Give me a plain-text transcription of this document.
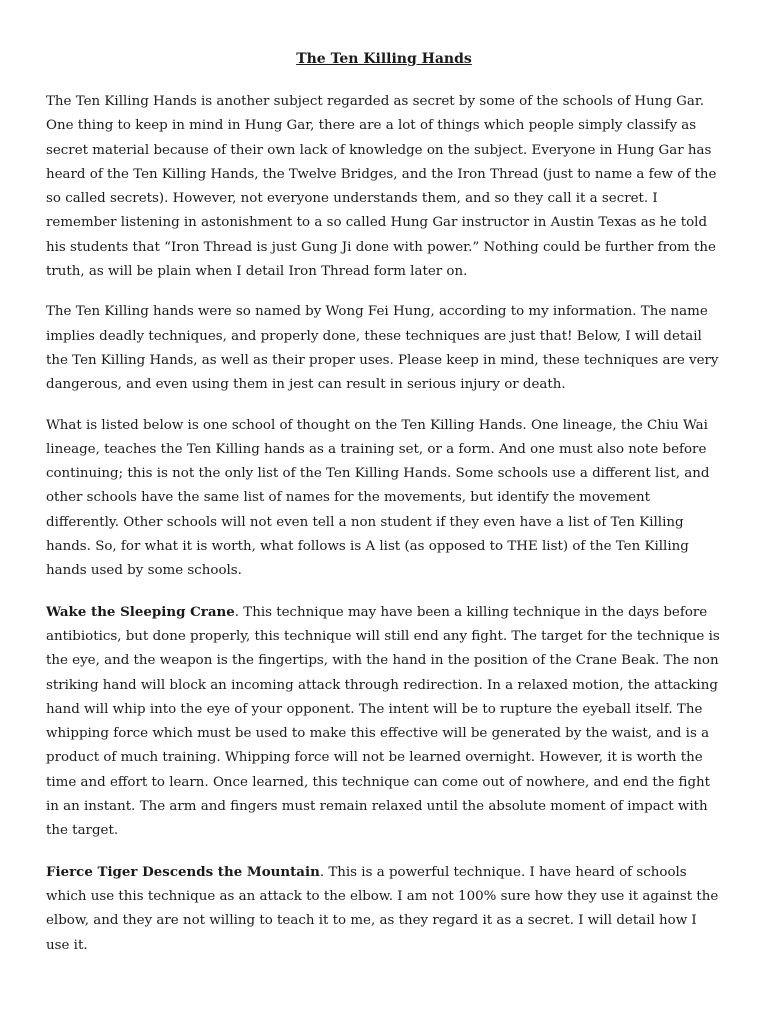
The Ten Killing Hands

The Ten Killing Hands is another subject regarded as secret by some of the schools of Hung Gar. One thing to keep in mind in Hung Gar, there are a lot of things which people simply classify as secret material because of their own lack of knowledge on the subject. Everyone in Hung Gar has heard of the Ten Killing Hands, the Twelve Bridges, and the Iron Thread (just to name a few of the so called secrets). However, not everyone understands them, and so they call it a secret. I remember listening in astonishment to a so called Hung Gar instructor in Austin Texas as he told his students that “Iron Thread is just Gung Ji done with power.” Nothing could be further from the truth, as will be plain when I detail Iron Thread form later on.

The Ten Killing hands were so named by Wong Fei Hung, according to my information. The name implies deadly techniques, and properly done, these techniques are just that! Below, I will detail the Ten Killing Hands, as well as their proper uses. Please keep in mind, these techniques are very dangerous, and even using them in jest can result in serious injury or death.

What is listed below is one school of thought on the Ten Killing Hands. One lineage, the Chiu Wai lineage, teaches the Ten Killing hands as a training set, or a form. And one must also note before continuing; this is not the only list of the Ten Killing Hands. Some schools use a different list, and other schools have the same list of names for the movements, but identify the movement differently. Other schools will not even tell a non student if they even have a list of Ten Killing hands. So, for what it is worth, what follows is A list (as opposed to THE list) of the Ten Killing hands used by some schools.

Wake the Sleeping Crane. This technique may have been a killing technique in the days before antibiotics, but done properly, this technique will still end any fight. The target for the technique is the eye, and the weapon is the fingertips, with the hand in the position of the Crane Beak. The non striking hand will block an incoming attack through redirection. In a relaxed motion, the attacking hand will whip into the eye of your opponent. The intent will be to rupture the eyeball itself. The whipping force which must be used to make this effective will be generated by the waist, and is a product of much training. Whipping force will not be learned overnight. However, it is worth the time and effort to learn. Once learned, this technique can come out of nowhere, and end the fight in an instant. The arm and fingers must remain relaxed until the absolute moment of impact with the target.

Fierce Tiger Descends the Mountain. This is a powerful technique. I have heard of schools which use this technique as an attack to the elbow. I am not 100% sure how they use it against the elbow, and they are not willing to teach it to me, as they regard it as a secret. I will detail how I use it.
